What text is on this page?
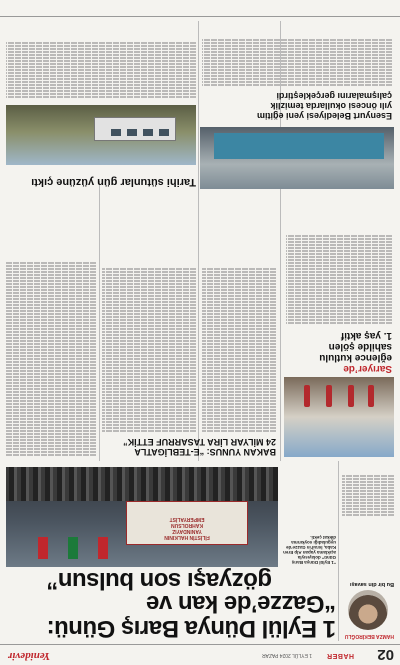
02
HABER
1 EYLÜL 2024 PAZAR
Yenidevir
HAMZA BEKİROĞLU
Bu bir din savaşı
1 Eylül Dünya Barış Günü:
“Gazze’de kan ve
gözyaşı son bulsun”
“1 Eylül Dünya Barış Günü” dolayısıyla açıklama yapan Alp Eren Kaba, İsrail’in Gazze’de uyguladığı soykırıma dikkat çekti.
FİLİSTİN HALKININ
YANINDAYIZ
KAHROLSUN
EMPERYALİST
Sarıyer’de
eğlence kutlulu
sahilde şölen
1. yaş aktif
BAKAN YUNUS: “E-TEBLİGATLA
24 MİLYAR LİRA TASARRUF ETTİK”
Tarihi sütunlar gün yüzüne çıktı
Esenyurt Belediyesi yeni eğitim
yılı öncesi okullarda temizlik
çalışmalarını gerçekleştirdi
